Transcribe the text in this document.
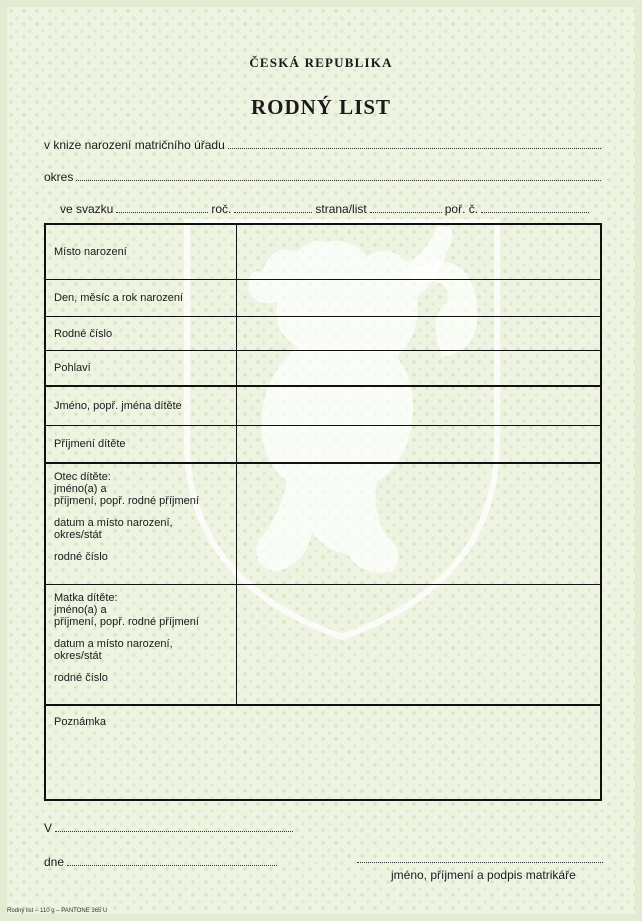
ČESKÁ REPUBLIKA
RODNÝ LIST
v knize narození matričního úřadu
okres
ve svazku	roč.	strana/list	poř. č.
Místo narození
Den, měsíc a rok narození
Rodné číslo
Pohlaví
Jméno, popř. jména dítěte
Příjmení dítěte
Otec dítěte:
jméno(a) a
příjmení, popř. rodné příjmení
datum a místo narození,
okres/stát
rodné číslo
Matka dítěte:
jméno(a) a
příjmení, popř. rodné příjmení
datum a místo narození,
okres/stát
rodné číslo
Poznámka
V
dne
jméno, příjmení a podpis matrikáře
Rodný list – 110 g – PANTONE 365 U
